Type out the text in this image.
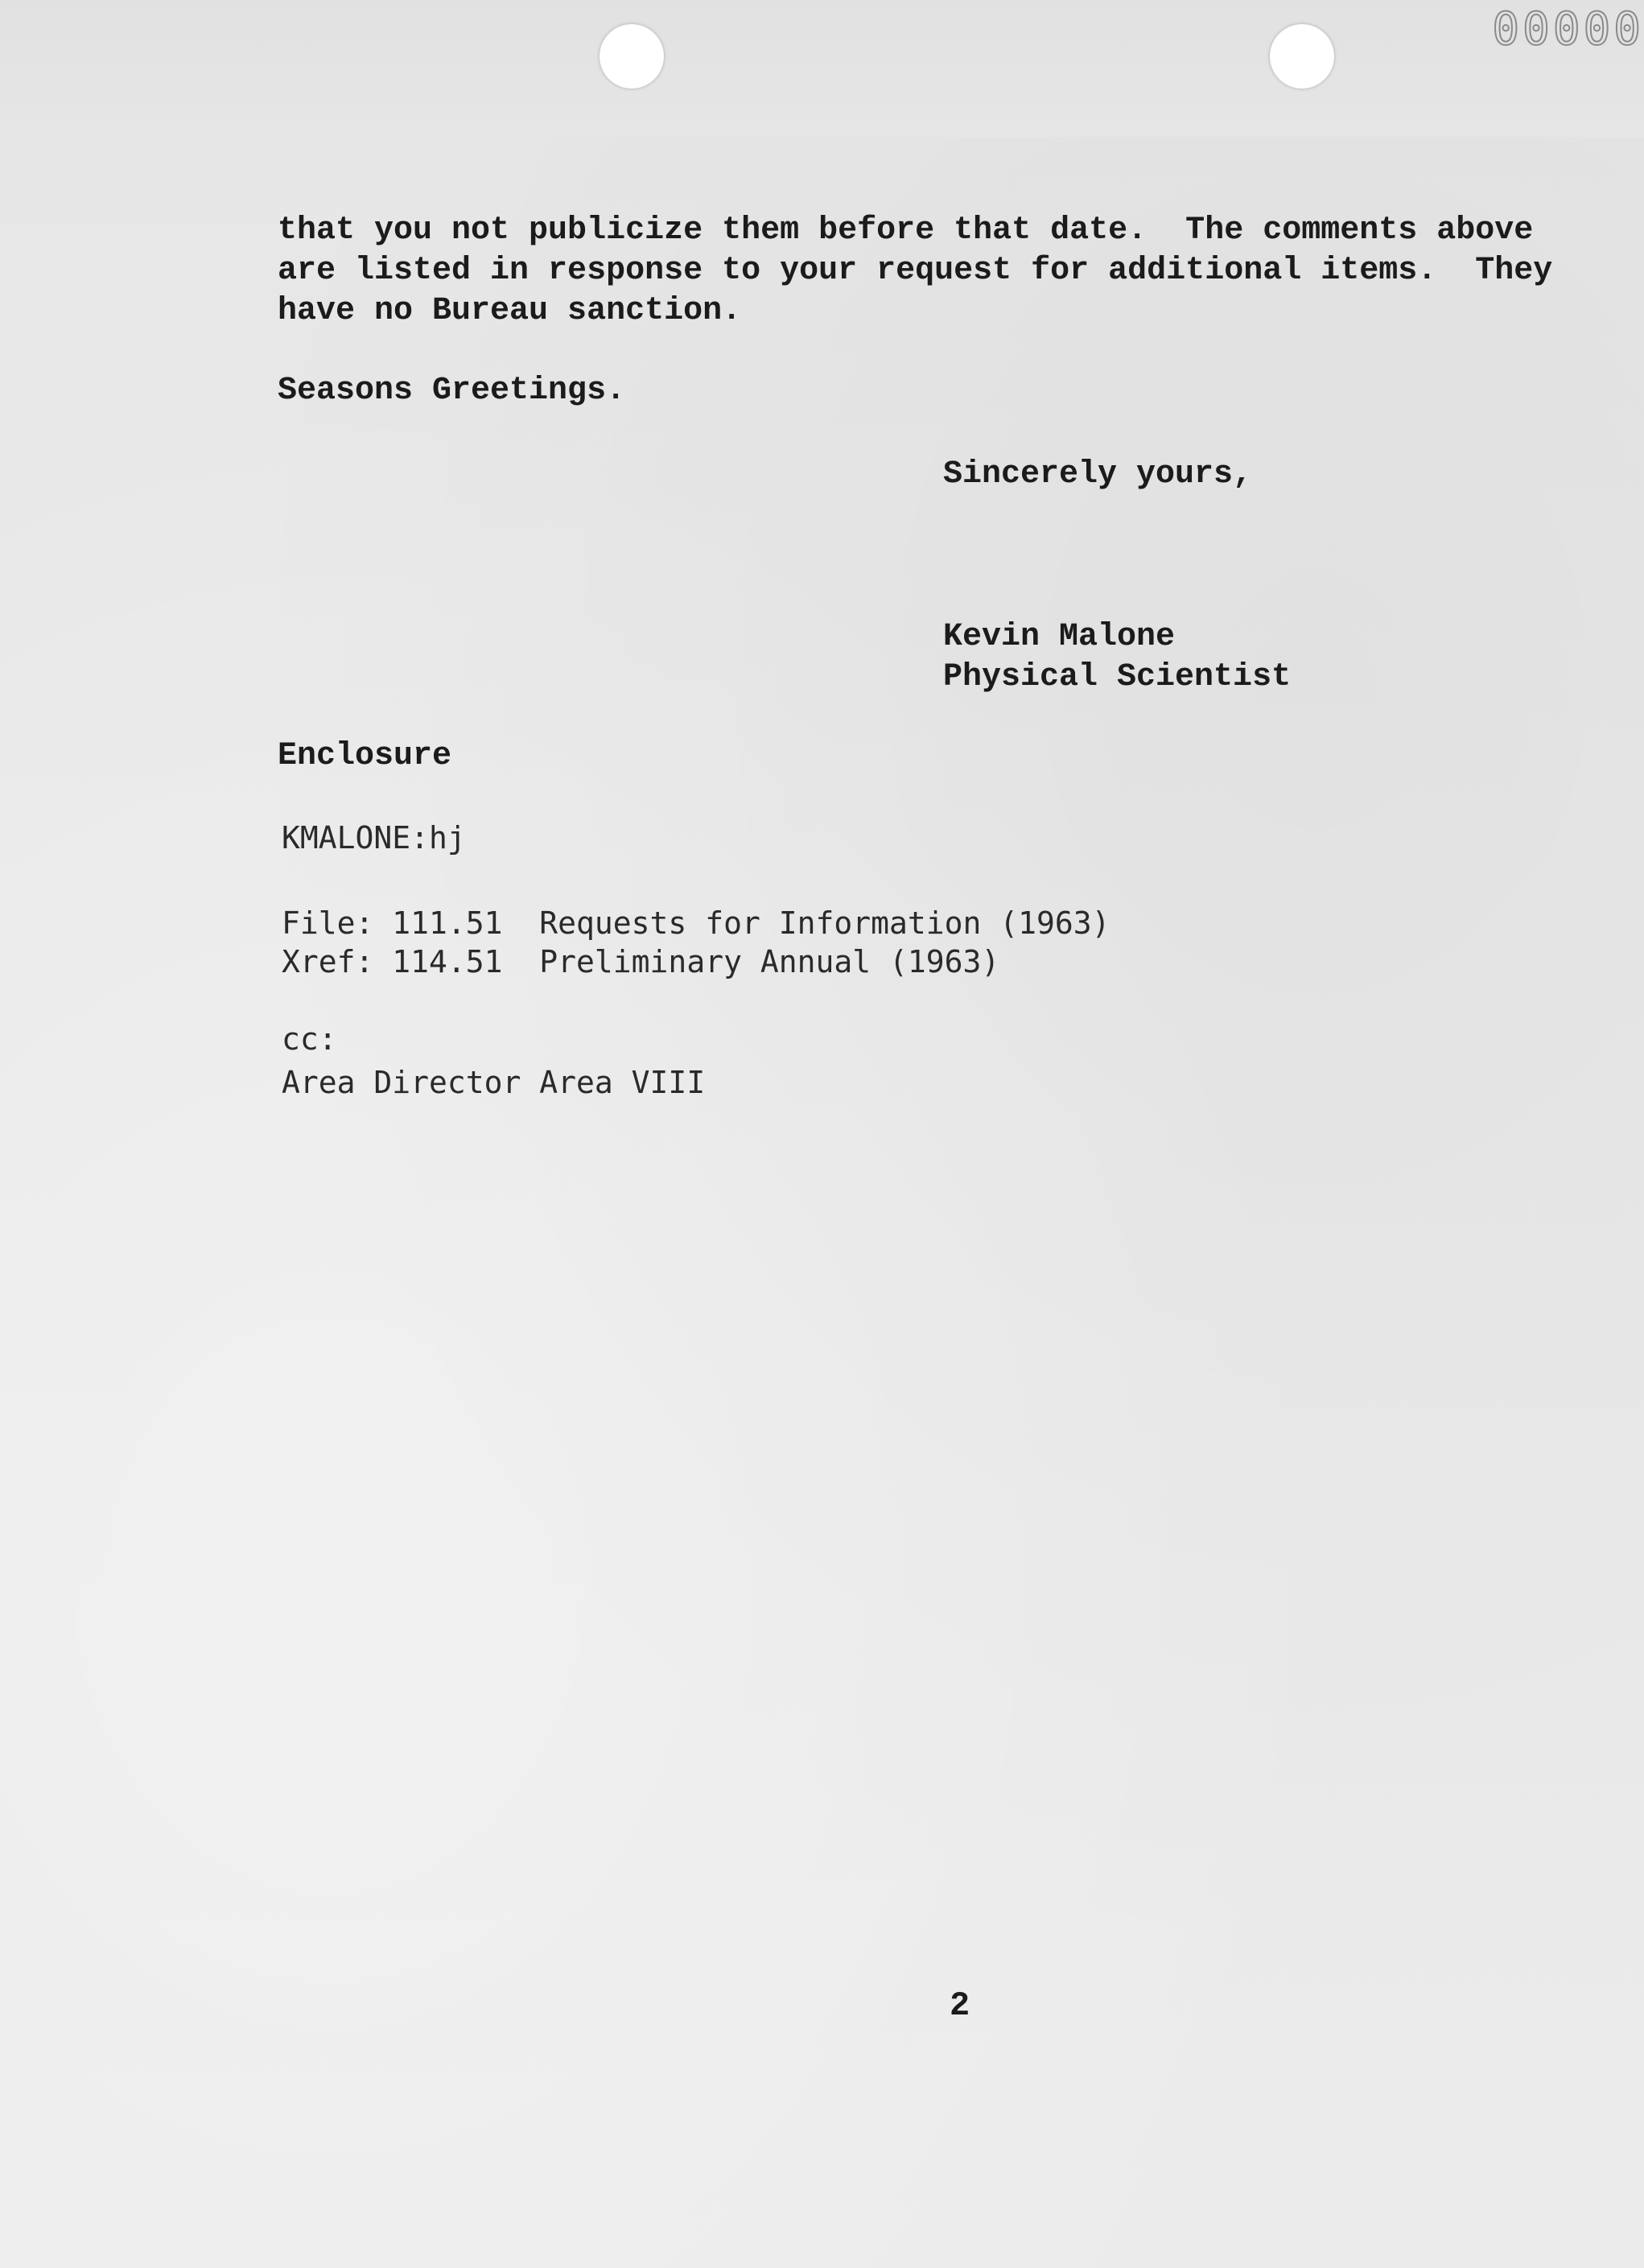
00000
that you not publicize them before that date.  The comments above
are listed in response to your request for additional items.  They
have no Bureau sanction.
Seasons Greetings.
Sincerely yours,
Kevin Malone
Physical Scientist
Enclosure
KMALONE:hj
File: 111.51  Requests for Information (1963)
Xref: 114.51  Preliminary Annual (1963)
cc:
Area Director Area VIII
2
